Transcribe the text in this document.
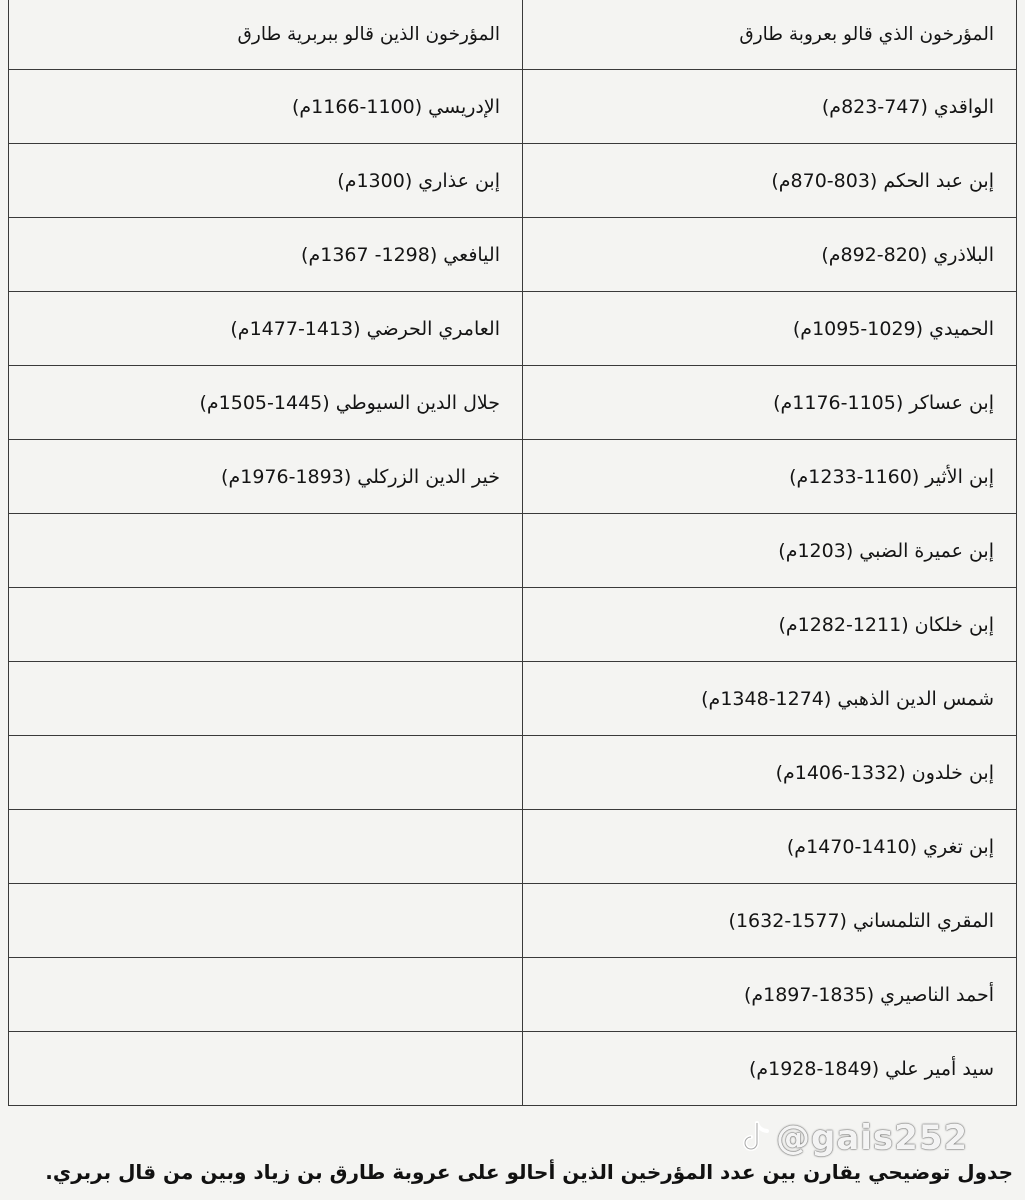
المؤرخون الذي قالو بعروبة طارق	المؤرخون الذين قالو ببربرية طارق
الواقدي (747-823م)	الإدريسي (1100-1166م)
إبن عبد الحكم (803-870م)	إبن عذاري (1300م)
البلاذري (820-892م)	اليافعي (1298- 1367م)
الحميدي (1029-1095م)	العامري الحرضي (1413-1477م)
إبن عساكر (1105-1176م)	جلال الدين السيوطي (1445-1505م)
إبن الأثير (1160-1233م)	خير الدين الزركلي (1893-1976م)
إبن عميرة الضبي (1203م)	
إبن خلكان (1211-1282م)	
شمس الدين الذهبي (1274-1348م)	
إبن خلدون (1332-1406م)	
إبن تغري (1410-1470م)	
المقري التلمساني (1577-1632)	
أحمد الناصيري (1835-1897م)	
سيد أمير علي (1849-1928م)	
@gais252
جدول توضيحي يقارن بين عدد المؤرخين الذين أحالو على عروبة طارق بن زياد وبين من قال بربري.
